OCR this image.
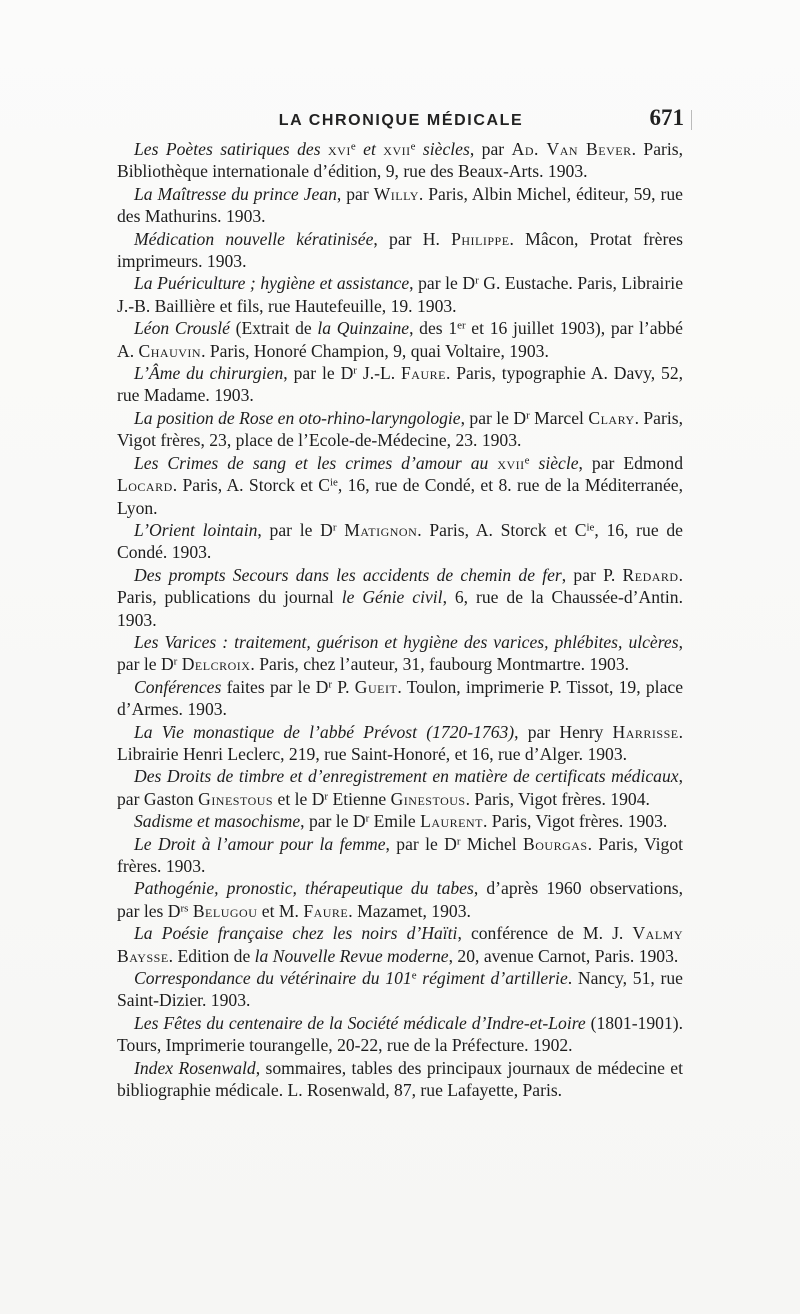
LA CHRONIQUE MÉDICALE	671

Les Poètes satiriques des xvi$^e$ et xvii$^e$ siècles, par Ad. Van Bever. Paris, Bibliothèque internationale d’édition, 9, rue des Beaux-Arts. 1903.

La Maîtresse du prince Jean, par Willy. Paris, Albin Michel, éditeur, 59, rue des Mathurins. 1903.

Médication nouvelle kératinisée, par H. Philippe. Mâcon, Protat frères imprimeurs. 1903.

La Puériculture ; hygiène et assistance, par le $D^r$ G. Eustache. Paris, Librairie J.-B. Baillière et fils, rue Hautefeuille, 19. 1903.

Léon Crouslé (Extrait de la Quinzaine, des 1er et 16 juillet 1903), par l’abbé A. Chauvin. Paris, Honoré Champion, 9, quai Voltaire, 1903.

L’Âme du chirurgien, par le $D^r$ J.-L. Faure. Paris, typographie A. Davy, 52, rue Madame. 1903.

La position de Rose en oto-rhino-laryngologie, par le $D^r$ Marcel Clary. Paris, Vigot frères, 23, place de l’Ecole-de-Médecine, 23. 1903.

Les Crimes de sang et les crimes d’amour au xvii$^e$ siècle, par Edmond Locard. Paris, A. Storck et $C^{ie}$, 16, rue de Condé, et 8. rue de la Méditerranée, Lyon.

L’Orient lointain, par le $D^r$ Matignon. Paris, A. Storck et $C^{ie}$, 16, rue de Condé. 1903.

Des prompts Secours dans les accidents de chemin de fer, par P. Redard. Paris, publications du journal le Génie civil, 6, rue de la Chaussée-d’Antin. 1903.

Les Varices : traitement, guérison et hygiène des varices, phlébites, ulcères, par le $D^r$ Delcroix. Paris, chez l’auteur, 31, faubourg Montmartre. 1903.

Conférences faites par le $D^r$ P. Gueit. Toulon, imprimerie P. Tissot, 19, place d’Armes. 1903.

La Vie monastique de l’abbé Prévost (1720-1763), par Henry Harrisse. Librairie Henri Leclerc, 219, rue Saint-Honoré, et 16, rue d’Alger. 1903.

Des Droits de timbre et d’enregistrement en matière de certificats médicaux, par Gaston Ginestous et le $D^r$ Etienne Ginestous. Paris, Vigot frères. 1904.

Sadisme et masochisme, par le $D^r$ Emile Laurent. Paris, Vigot frères. 1903.

Le Droit à l’amour pour la femme, par le $D^r$ Michel Bourgas. Paris, Vigot frères. 1903.

Pathogénie, pronostic, thérapeutique du tabes, d’après 1960 observations, par les $D^{rs}$ Belugou et M. Faure. Mazamet, 1903.

La Poésie française chez les noirs d’Haïti, conférence de M. J. Valmy Baysse. Edition de la Nouvelle Revue moderne, 20, avenue Carnot, Paris. 1903.

Correspondance du vétérinaire du 101e régiment d’artillerie. Nancy, 51, rue Saint-Dizier. 1903.

Les Fêtes du centenaire de la Société médicale d’Indre-et-Loire (1801-1901). Tours, Imprimerie tourangelle, 20-22, rue de la Préfecture. 1902.

Index Rosenwald, sommaires, tables des principaux journaux de médecine et bibliographie médicale. L. Rosenwald, 87, rue Lafayette, Paris.
